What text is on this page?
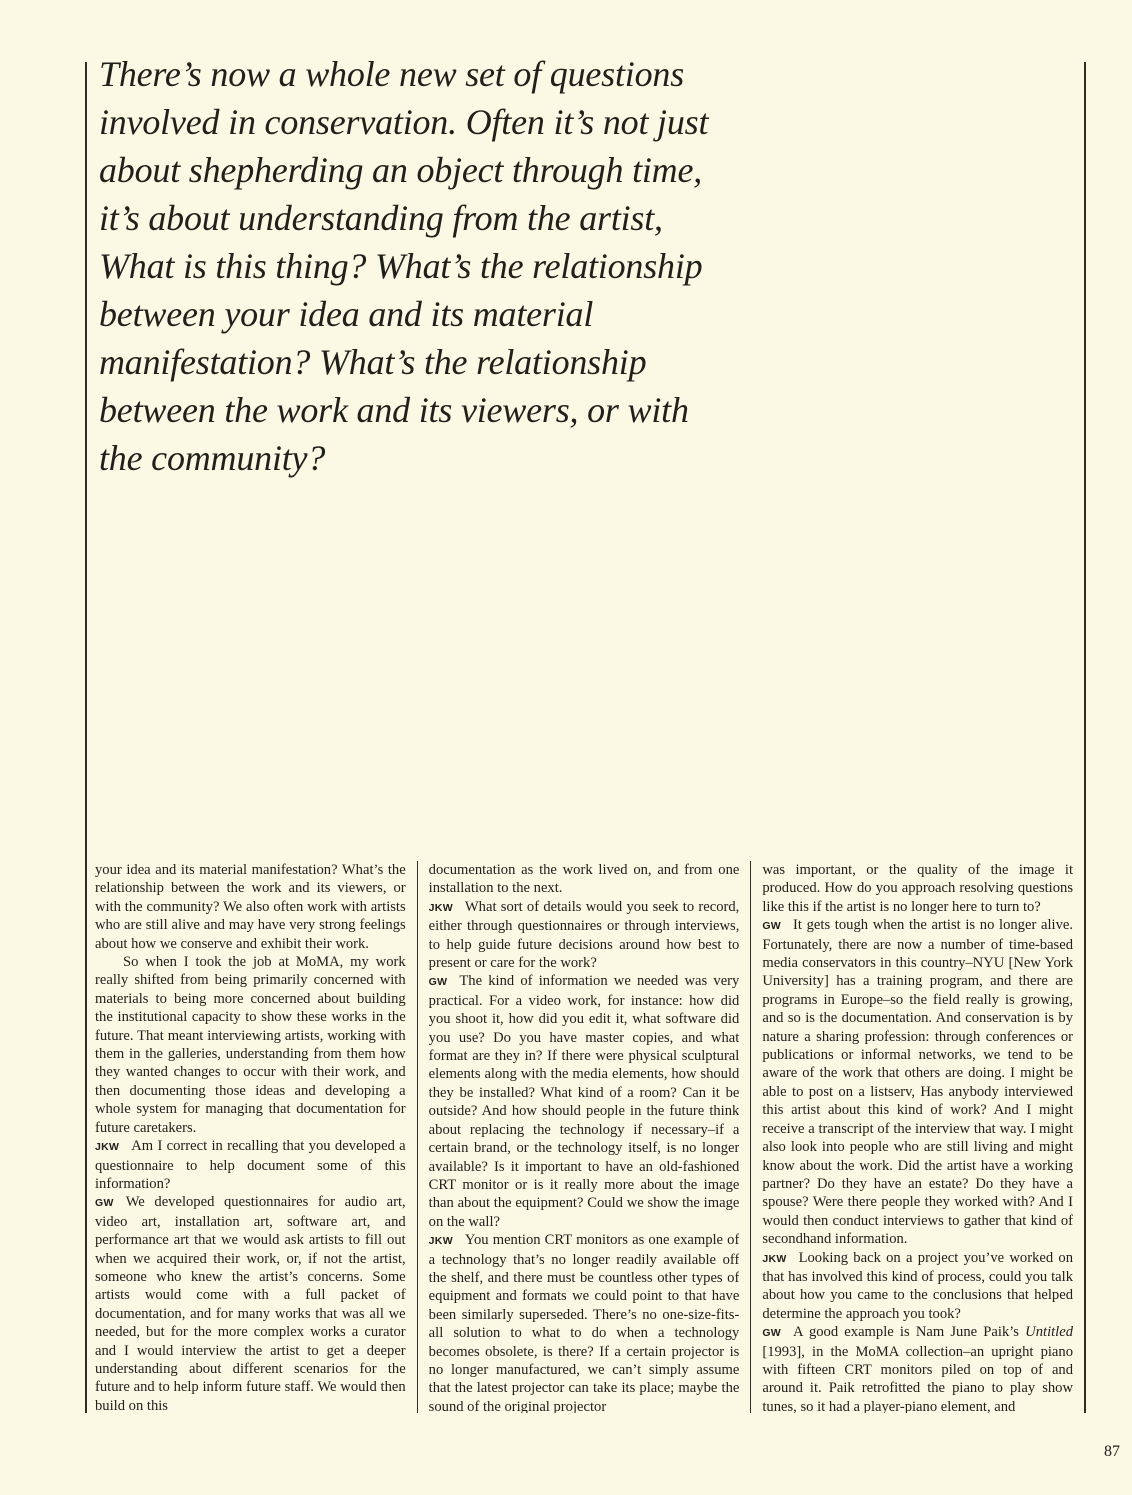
There’s now a whole new set of questions involved in conservation. Often it’s not just about shepherding an object through time, it’s about understanding from the artist, What is this thing? What’s the relationship between your idea and its material manifestation? What’s the relationship between the work and its viewers, or with the community?

your idea and its material manifestation? What’s the relationship between the work and its viewers, or with the community? We also often work with artists who are still alive and may have very strong feelings about how we conserve and exhibit their work.

So when I took the job at MoMA, my work really shifted from being primarily concerned with materials to being more concerned about building the institutional capacity to show these works in the future. That meant interviewing artists, working with them in the galleries, understanding from them how they wanted changes to occur with their work, and then documenting those ideas and developing a whole system for managing that documentation for future caretakers.

JKW Am I correct in recalling that you developed a questionnaire to help document some of this information?

GW We developed questionnaires for audio art, video art, installation art, software art, and performance art that we would ask artists to fill out when we acquired their work, or, if not the artist, someone who knew the artist’s concerns. Some artists would come with a full packet of documentation, and for many works that was all we needed, but for the more complex works a curator and I would interview the artist to get a deeper understanding about different scenarios for the future and to help inform future staff. We would then build on this

documentation as the work lived on, and from one installation to the next.

JKW What sort of details would you seek to record, either through questionnaires or through interviews, to help guide future decisions around how best to present or care for the work?

GW The kind of information we needed was very practical. For a video work, for instance: how did you shoot it, how did you edit it, what software did you use? Do you have master copies, and what format are they in? If there were physical sculptural elements along with the media elements, how should they be installed? What kind of a room? Can it be outside? And how should people in the future think about replacing the technology if necessary–if a certain brand, or the technology itself, is no longer available? Is it important to have an old-fashioned CRT monitor or is it really more about the image than about the equipment? Could we show the image on the wall?

JKW You mention CRT monitors as one example of a technology that’s no longer readily available off the shelf, and there must be countless other types of equipment and formats we could point to that have been similarly superseded. There’s no one-size-fits-all solution to what to do when a technology becomes obsolete, is there? If a certain projector is no longer manufactured, we can’t simply assume that the latest projector can take its place; maybe the sound of the original projector

was important, or the quality of the image it produced. How do you approach resolving questions like this if the artist is no longer here to turn to?

GW It gets tough when the artist is no longer alive. Fortunately, there are now a number of time-based media conservators in this country–NYU [New York University] has a training program, and there are programs in Europe–so the field really is growing, and so is the documentation. And conservation is by nature a sharing profession: through conferences or publications or informal networks, we tend to be aware of the work that others are doing. I might be able to post on a listserv, Has anybody interviewed this artist about this kind of work? And I might receive a transcript of the interview that way. I might also look into people who are still living and might know about the work. Did the artist have a working partner? Do they have an estate? Do they have a spouse? Were there people they worked with? And I would then conduct interviews to gather that kind of secondhand information.

JKW Looking back on a project you’ve worked on that has involved this kind of process, could you talk about how you came to the conclusions that helped determine the approach you took?

GW A good example is Nam June Paik’s Untitled [1993], in the MoMA collection–an upright piano with fifteen CRT monitors piled on top of and around it. Paik retrofitted the piano to play show tunes, so it had a player-piano element, and

87
